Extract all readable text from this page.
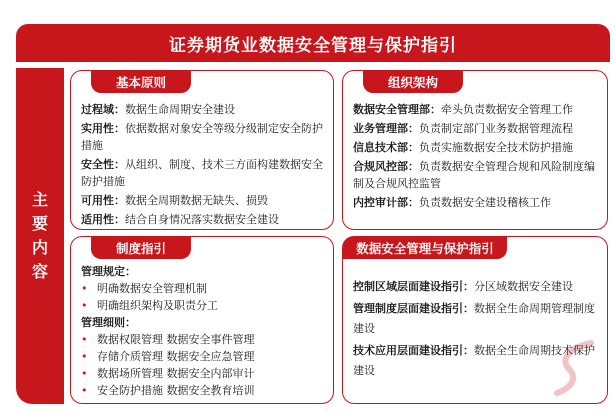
证券期货业数据安全管理与保护指引
主
要
内
容
基本原则
过程域：数据生命周期安全建设
实用性：依据数据对象安全等级分级制定安全防护措施
安全性：从组织、制度、技术三方面构建数据安全防护措施
可用性：数据全周期数据无缺失、损毁
适用性：结合自身情况落实数据安全建设
组织架构
数据安全管理部：牵头负责数据安全管理工作
业务管理部：负责制定部门业务数据管理流程
信息技术部：负责实施数据安全技术防护措施
合规风控部：负责数据安全管理合规和风险制度编制及合规风控监管
内控审计部：负责数据安全建设稽核工作
制度指引
管理规定：
• 明确数据安全管理机制
• 明确组织架构及职责分工
管理细则：
• 数据权限管理 数据安全事件管理
• 存储介质管理 数据安全应急管理
• 数据场所管理 数据安全内部审计
• 安全防护措施 数据安全教育培训
数据安全管理与保护指引
控制区域层面建设指引：分区域数据安全建设
管理制度层面建设指引：数据全生命周期管理制度建设
技术应用层面建设指引：数据全生命周期技术保护建设
